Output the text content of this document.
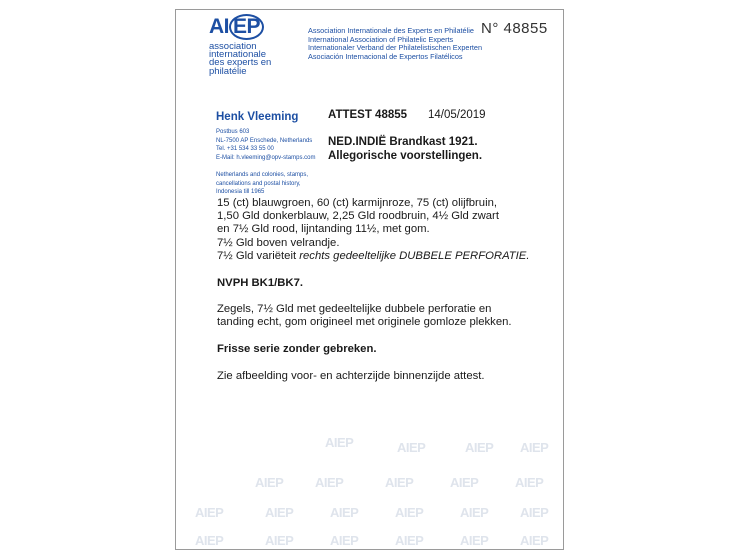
AI EP
association
internationale
des experts en philatélie
Association Internationale des Experts en Philatélie
International Association of Philatelic Experts
Internationaler Verband der Philatelistischen Experten
Asociación Internacional de Expertos Filatélicos
N° 48855
Henk Vleeming
Postbus 603
NL-7500 AP Enschede, Netherlands
Tel. +31 534 33 55 00
E-Mail: h.vleeming@opv-stamps.com
Netherlands and colonies, stamps,
cancellations and postal history,
Indonesia till 1965
ATTEST 48855 14/05/2019
NED.INDIË Brandkast 1921.
Allegorische voorstellingen.
15 (ct) blauwgroen, 60 (ct) karmijnroze, 75 (ct) olijfbruin,
1,50 Gld donkerblauw, 2,25 Gld roodbruin, 4½ Gld zwart
en 7½ Gld rood, lijntanding 11½, met gom.
7½ Gld boven velrandje.
7½ Gld variëteit rechts gedeeltelijke DUBBELE PERFORATIE.
NVPH BK1/BK7.
Zegels, 7½ Gld met gedeeltelijke dubbele perforatie en
tanding echt, gom origineel met originele gomloze plekken.
Frisse serie zonder gebreken.
Zie afbeelding voor- en achterzijde binnenzijde attest.
AIEP	AIEP	AIEP AIEP
AIEP AIEP	AIEP	AIEP	AIEP
AIEP	AIEP	AIEP	AIEP	AIEP AIEP
AIEP	AIEP	AIEP	AIEP	AIEP AIEP
